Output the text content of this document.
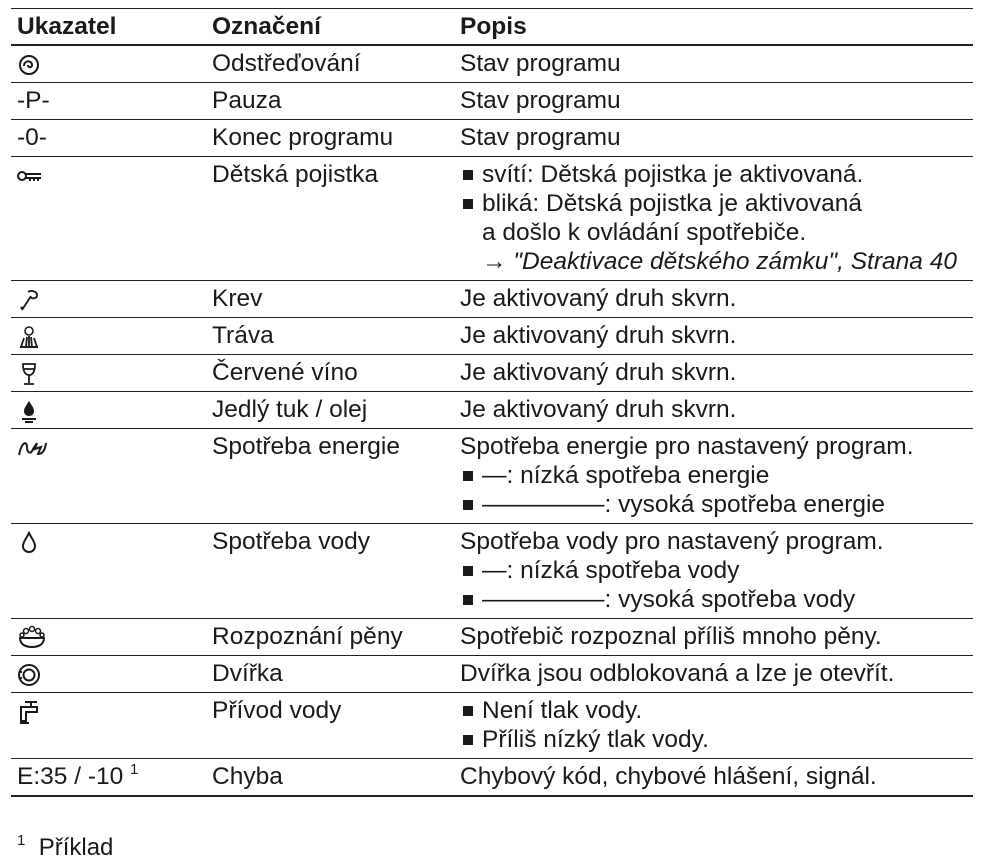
Ukazatel	Označení	Popis

	Odstřeďování	Stav programu
-P-	Pauza	Stav programu
-0-	Konec programu	Stav programu

	Dětská pojistka	svítí: Dětská pojistka je aktivovaná.
bliká: Dětská pojistka je aktivovaná
a došlo k ovládání spotřebiče.
→ "Deaktivace dětského zámku", Strana 40

	Krev	Je aktivovaný druh skvrn.

	Tráva	Je aktivovaný druh skvrn.

	Červené víno	Je aktivovaný druh skvrn.

	Jedlý tuk / olej	Je aktivovaný druh skvrn.

	Spotřeba energie	Spotřeba energie pro nastavený program.
—: nízká spotřeba energie
—————: vysoká spotřeba energie

	Spotřeba vody	Spotřeba vody pro nastavený program.
—: nízká spotřeba vody
—————: vysoká spotřeba vody

	Rozpoznání pěny	Spotřebič rozpoznal příliš mnoho pěny.

	Dvířka	Dvířka jsou odblokovaná a lze je otevřít.

	Přívod vody	Není tlak vody.
Příliš nízký tlak vody.

E:35 / -10 $^1$	Chyba	Chybový kód, chybové hlášení, signál.
$^1$ Příklad
